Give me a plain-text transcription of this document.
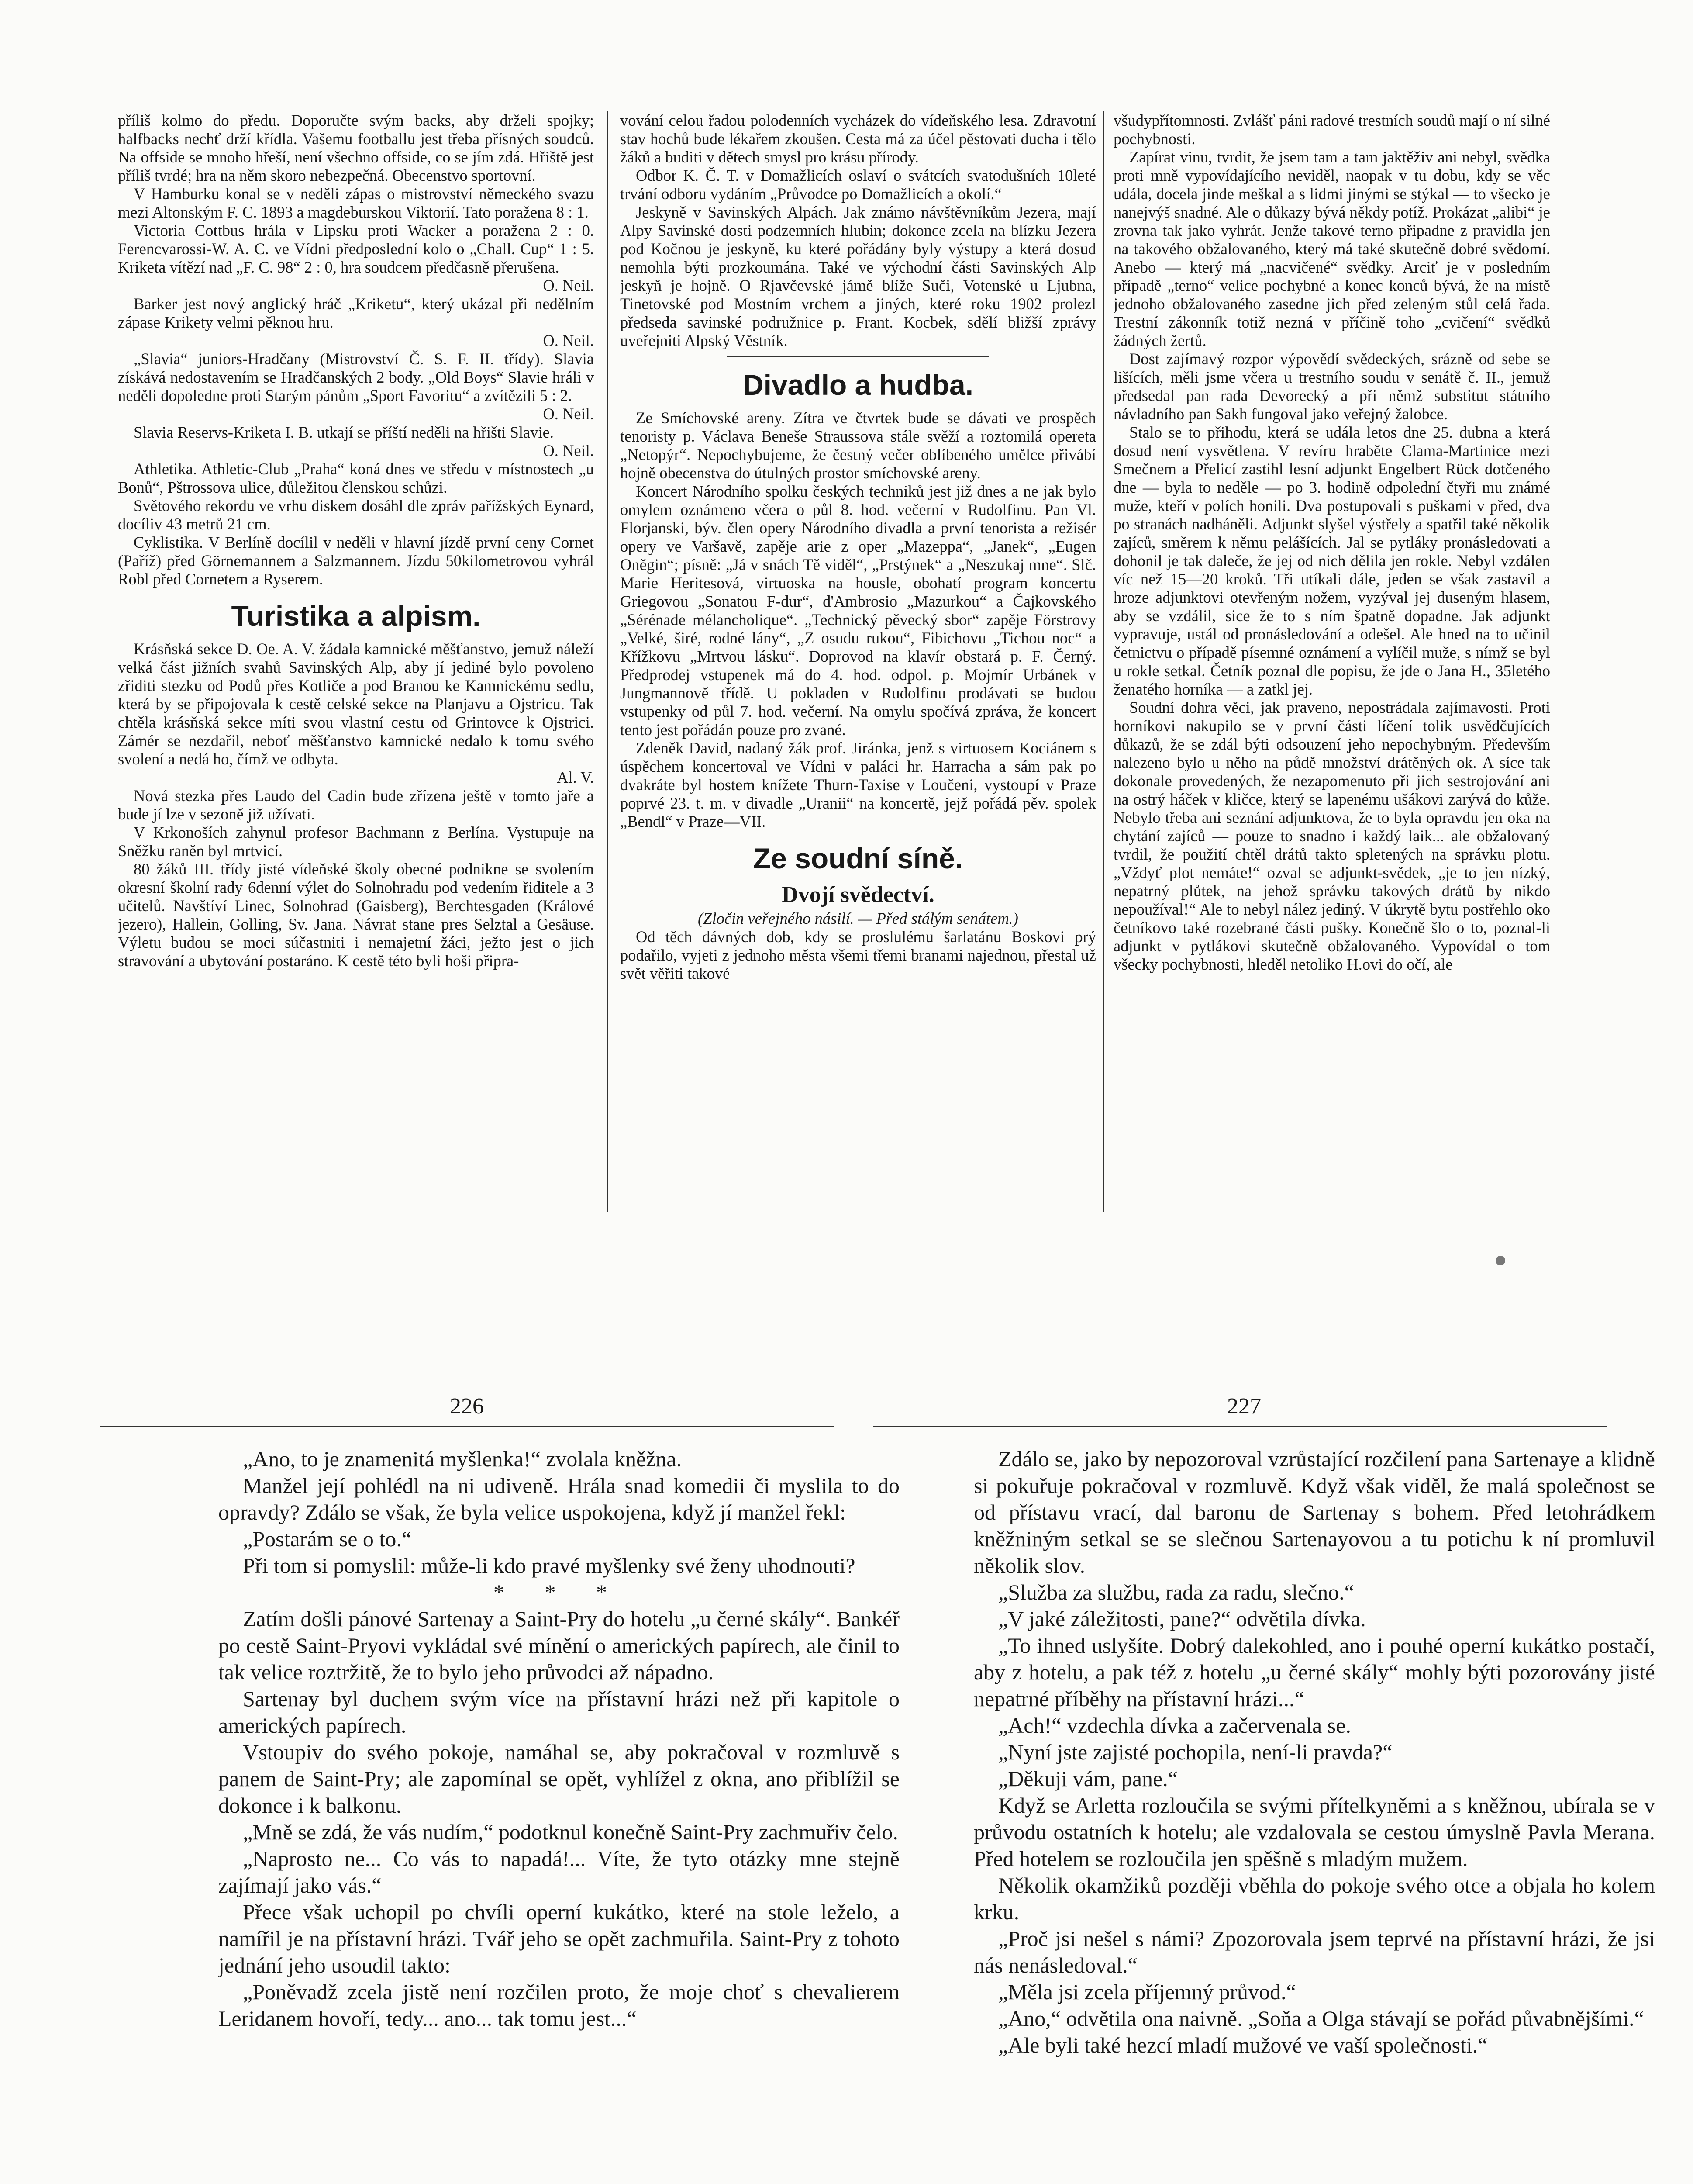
příliš kolmo do předu. Doporučte svým backs, aby drželi spojky; halfbacks nechť drží křídla. Vašemu footballu jest třeba přísných soudců. Na offside se mnoho hřeší, není všechno offside, co se jím zdá. Hřiště jest příliš tvrdé; hra na něm skoro nebezpečná. Obecenstvo sportovní.

V Hamburku konal se v neděli zápas o mistrovství německého svazu mezi Altonským F. C. 1893 a magdeburskou Viktorií. Tato poražena 8 : 1.

Victoria Cottbus hrála v Lipsku proti Wacker a poražena 2 : 0. Ferencvarossi-W. A. C. ve Vídni předposlední kolo o „Chall. Cup“ 1 : 5. Kriketa vítězí nad „F. C. 98“ 2 : 0, hra soudcem předčasně přerušena.

O. Neil.

Barker jest nový anglický hráč „Kriketu“, který ukázal při nedělním zápase Krikety velmi pěknou hru.

O. Neil.

„Slavia“ juniors-Hradčany (Mistrovství Č. S. F. II. třídy). Slavia získává nedostavením se Hradčanských 2 body. „Old Boys“ Slavie hráli v neděli dopoledne proti Starým pánům „Sport Favoritu“ a zvítězili 5 : 2.

O. Neil.

Slavia Reservs-Kriketa I. B. utkají se příští neděli na hřišti Slavie.

O. Neil.

Athletika. Athletic-Club „Praha“ koná dnes ve středu v místnostech „u Bonů“, Pštrossova ulice, důležitou členskou schůzi.

Světového rekordu ve vrhu diskem dosáhl dle zpráv pařížských Eynard, docíliv 43 metrů 21 cm.

Cyklistika. V Berlíně docílil v neděli v hlavní jízdě první ceny Cornet (Paříž) před Görnemannem a Salzmannem. Jízdu 50kilometrovou vyhrál Robl před Cornetem a Ryserem.

Turistika a alpism.

Krásňská sekce D. Oe. A. V. žádala kamnické měšťanstvo, jemuž náleží velká část jižních svahů Savinských Alp, aby jí jediné bylo povoleno zřiditi stezku od Podů přes Kotliče a pod Branou ke Kamnickému sedlu, která by se připojovala k cestě celské sekce na Planjavu a Ojstricu. Tak chtěla krásňská sekce míti svou vlastní cestu od Grintovce k Ojstrici. Zámér se nezdařil, neboť měšťanstvo kamnické nedalo k tomu svého svolení a nedá ho, čímž ve odbyta.

Al. V.

Nová stezka přes Laudo del Cadin bude zřízena ještě v tomto jaře a bude jí lze v sezoně již užívati.

V Krkonoších zahynul profesor Bachmann z Berlína. Vystupuje na Sněžku raněn byl mrtvicí.

80 žáků III. třídy jisté vídeňské školy obecné podnikne se svolením okresní školní rady 6denní výlet do Solnohradu pod vedením řiditele a 3 učitelů. Navštíví Linec, Solnohrad (Gaisberg), Berchtesgaden (Králové jezero), Hallein, Golling, Sv. Jana. Návrat stane pres Selztal a Gesäuse. Výletu budou se moci súčastniti i nemajetní žáci, ježto jest o jich stravování a ubytování postaráno. K cestě této byli hoši připra-

vování celou řadou polodenních vycházek do vídeňského lesa. Zdravotní stav hochů bude lékařem zkoušen. Cesta má za účel pěstovati ducha i tělo žáků a buditi v dětech smysl pro krásu přírody.

Odbor K. Č. T. v Domažlicích oslaví o svátcích svatodušních 10leté trvání odboru vydáním „Průvodce po Domažlicích a okolí.“

Jeskyně v Savinských Alpách. Jak známo návštěvníkům Jezera, mají Alpy Savinské dosti podzemních hlubin; dokonce zcela na blízku Jezera pod Kočnou je jeskyně, ku které pořádány byly výstupy a která dosud nemohla býti prozkoumána. Také ve východní části Savinských Alp jeskyň je hojně. O Rjavčevské jámě blíže Suči, Votenské u Ljubna, Tinetovské pod Mostním vrchem a jiných, které roku 1902 prolezl předseda savinské podružnice p. Frant. Kocbek, sdělí bližší zprávy uveřejniti Alpský Věstník.

Divadlo a hudba.

Ze Smíchovské areny. Zítra ve čtvrtek bude se dávati ve prospěch tenoristy p. Václava Beneše Straussova stále svěží a roztomilá opereta „Netopýr“. Nepochybujeme, že čestný večer oblíbeného umělce přivábí hojně obecenstva do útulných prostor smíchovské areny.

Koncert Národního spolku českých techniků jest již dnes a ne jak bylo omylem oznámeno včera o půl 8. hod. večerní v Rudolfinu. Pan Vl. Florjanski, býv. člen opery Národního divadla a první tenorista a režisér opery ve Varšavě, zapěje arie z oper „Mazeppa“, „Janek“, „Eugen Oněgin“; písně: „Já v snách Tě viděl“, „Prstýnek“ a „Neszukaj mne“. Slč. Marie Heritesová, virtuoska na housle, obohatí program koncertu Griegovou „Sonatou F-dur“, d'Ambrosio „Mazurkou“ a Čajkovského „Sérénade mélancholique“. „Technický pěvecký sbor“ zapěje Förstrovy „Velké, širé, rodné lány“, „Z osudu rukou“, Fibichovu „Tichou noc“ a Křížkovu „Mrtvou lásku“. Doprovod na klavír obstará p. F. Černý. Předprodej vstupenek má do 4. hod. odpol. p. Mojmír Urbánek v Jungmannově třídě. U pokladen v Rudolfinu prodávati se budou vstupenky od půl 7. hod. večerní. Na omylu spočívá zpráva, že koncert tento jest pořádán pouze pro zvané.

Zdeněk David, nadaný žák prof. Jiránka, jenž s virtuosem Kociánem s úspěchem koncertoval ve Vídni v paláci hr. Harracha a sám pak po dvakráte byl hostem knížete Thurn-Taxise v Loučeni, vystoupí v Praze poprvé 23. t. m. v divadle „Uranii“ na koncertě, jejž pořádá pěv. spolek „Bendl“ v Praze—VII.

Ze soudní síně.
Dvojí svědectví.

(Zločin veřejného násilí. — Před stálým senátem.)

Od těch dávných dob, kdy se proslulému šarlatánu Boskovi prý podařilo, vyjeti z jednoho města všemi třemi branami najednou, přestal už svět věřiti takové

všudypřítomnosti. Zvlášť páni radové trestních soudů mají o ní silné pochybnosti.

Zapírat vinu, tvrdit, že jsem tam a tam jaktěživ ani nebyl, svědka proti mně vypovídajícího neviděl, naopak v tu dobu, kdy se věc udála, docela jinde meškal a s lidmi jinými se stýkal — to všecko je nanejvýš snadné. Ale o důkazy bývá někdy potíž. Prokázat „alibi“ je zrovna tak jako vyhrát. Jenže takové terno připadne z pravidla jen na takového obžalovaného, který má také skutečně dobré svědomí. Anebo — který má „nacvičené“ svědky. Arciť je v posledním případě „terno“ velice pochybné a konec konců bývá, že na místě jednoho obžalovaného zasedne jich před zeleným stůl celá řada. Trestní zákonník totiž nezná v příčině toho „cvičení“ svědků žádných žertů.

Dost zajímavý rozpor výpovědí svědeckých, srázně od sebe se lišících, měli jsme včera u trestního soudu v senátě č. II., jemuž předsedal pan rada Devorecký a při němž substitut státního návladního pan Sakh fungoval jako veřejný žalobce.

Stalo se to přihodu, která se udála letos dne 25. dubna a která dosud není vysvětlena. V revíru hraběte Clama-Martinice mezi Smečnem a Přelicí zastihl lesní adjunkt Engelbert Rück dotčeného dne — byla to neděle — po 3. hodině odpolední čtyři mu známé muže, kteří v polích honili. Dva postupovali s puškami v před, dva po stranách nadháněli. Adjunkt slyšel výstřely a spatřil také několik zajíců, směrem k němu pelášících. Jal se pytláky pronásledovati a dohonil je tak daleče, že jej od nich dělila jen rokle. Nebyl vzdálen víc než 15—20 kroků. Tři utíkali dále, jeden se však zastavil a hroze adjunktovi otevřeným nožem, vyzýval jej duseným hlasem, aby se vzdálil, sice že to s ním špatně dopadne. Jak adjunkt vypravuje, ustál od pronásledování a odešel. Ale hned na to učinil četnictvu o případě písemné oznámení a vylíčil muže, s nímž se byl u rokle setkal. Četník poznal dle popisu, že jde o Jana H., 35letého ženatého horníka — a zatkl jej.

Soudní dohra věci, jak praveno, nepostrádala zajímavosti. Proti horníkovi nakupilo se v první části líčení tolik usvědčujících důkazů, že se zdál býti odsouzení jeho nepochybným. Především nalezeno bylo u něho na půdě množství drátěných ok. A síce tak dokonale provedených, že nezapomenuto při jich sestrojování ani na ostrý háček v kličce, který se lapenému ušákovi zarývá do kůže. Nebylo třeba ani seznání adjunktova, že to byla opravdu jen oka na chytání zajíců — pouze to snadno i každý laik... ale obžalovaný tvrdil, že použití chtěl drátů takto spletených na správku plotu. „Vždyť plot nemáte!“ ozval se adjunkt-svědek, „je to jen nízký, nepatrný plůtek, na jehož správku takových drátů by nikdo nepoužíval!“ Ale to nebyl nález jediný. V úkrytě bytu postřehlo oko četníkovo také rozebrané části pušky. Konečně šlo o to, poznal-li adjunkt v pytlákovi skutečně obžalovaného. Vypovídal o tom všecky pochybnosti, hleděl netoliko H.ovi do očí, ale

226	227

„Ano, to je znamenitá myšlenka!“ zvolala kněžna.

Manžel její pohlédl na ni udiveně. Hrála snad komedii či myslila to do opravdy? Zdálo se však, že byla velice uspokojena, když jí manžel řekl:

„Postarám se o to.“

Při tom si pomyslil: může-li kdo pravé myšlenky své ženy uhodnouti?

* * *

Zatím došli pánové Sartenay a Saint-Pry do hotelu „u černé skály“. Bankéř po cestě Saint-Pryovi vykládal své mínění o amerických papírech, ale činil to tak velice roztržitě, že to bylo jeho průvodci až nápadno.

Sartenay byl duchem svým více na přístavní hrázi než při kapitole o amerických papírech.

Vstoupiv do svého pokoje, namáhal se, aby pokračoval v rozmluvě s panem de Saint-Pry; ale zapomínal se opět, vyhlížel z okna, ano přiblížil se dokonce i k balkonu.

„Mně se zdá, že vás nudím,“ podotknul konečně Saint-Pry zachmuřiv čelo.

„Naprosto ne... Co vás to napadá!... Víte, že tyto otázky mne stejně zajímají jako vás.“

Přece však uchopil po chvíli operní kukátko, které na stole leželo, a namířil je na přístavní hrázi. Tvář jeho se opět zachmuřila. Saint-Pry z tohoto jednání jeho usoudil takto:

„Poněvadž zcela jistě není rozčilen proto, že moje choť s chevalierem Leridanem hovoří, tedy... ano... tak tomu jest...“

Zdálo se, jako by nepozoroval vzrůstající rozčilení pana Sartenaye a klidně si pokuřuje pokračoval v rozmluvě. Když však viděl, že malá společnost se od přístavu vrací, dal baronu de Sartenay s bohem. Před letohrádkem kněžniným setkal se se slečnou Sartenayovou a tu potichu k ní promluvil několik slov.

„Služba za službu, rada za radu, slečno.“

„V jaké záležitosti, pane?“ odvětila dívka.

„To ihned uslyšíte. Dobrý dalekohled, ano i pouhé operní kukátko postačí, aby z hotelu, a pak též z hotelu „u černé skály“ mohly býti pozorovány jisté nepatrné příběhy na přístavní hrázi...“

„Ach!“ vzdechla dívka a začervenala se.

„Nyní jste zajisté pochopila, není-li pravda?“

„Děkuji vám, pane.“

Když se Arletta rozloučila se svými přítelkyněmi a s kněžnou, ubírala se v průvodu ostatních k hotelu; ale vzdalovala se cestou úmyslně Pavla Merana. Před hotelem se rozloučila jen spěšně s mladým mužem.

Několik okamžiků později vběhla do pokoje svého otce a objala ho kolem krku.

„Proč jsi nešel s námi? Zpozorovala jsem teprvé na přístavní hrázi, že jsi nás nenásledoval.“

„Měla jsi zcela příjemný průvod.“

„Ano,“ odvětila ona naivně. „Soňa a Olga stávají se pořád půvabnějšími.“

„Ale byli také hezcí mladí mužové ve vaší společnosti.“
